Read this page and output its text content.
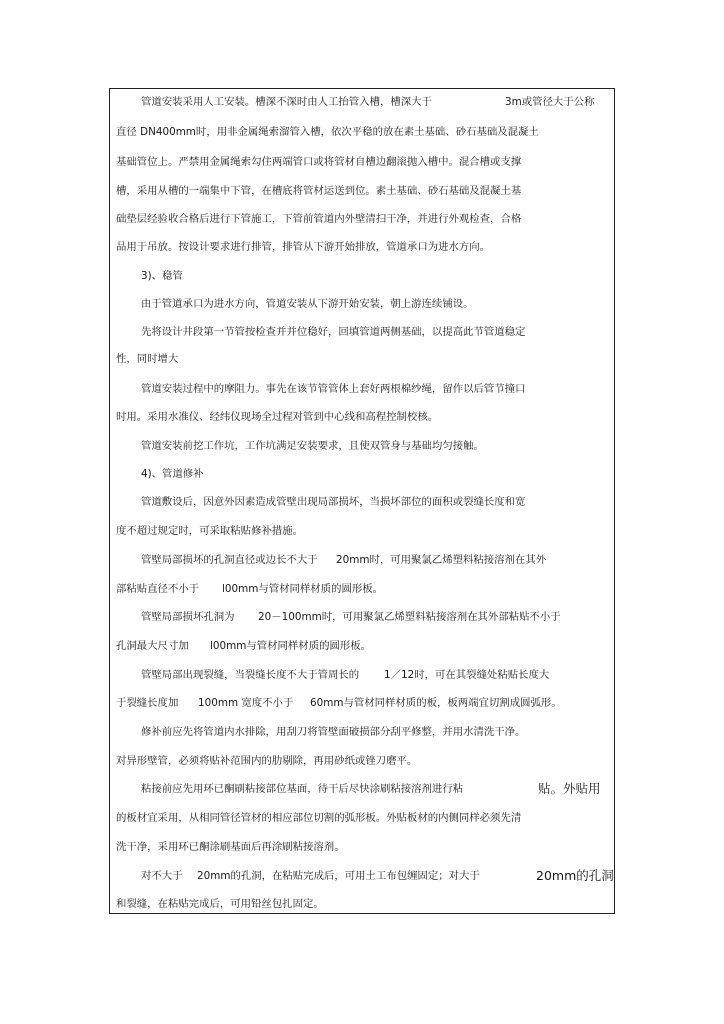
管道安装采用人工安装。槽深不深时由人工抬管入槽，槽深大于	3m或管径大于公称
直径 DN400mm时，用非金属绳索溜管入槽，依次平稳的放在素土基础、砂石基础及混凝土
基础管位上。严禁用金属绳索勾住两端管口或将管材自槽边翻滚抛入槽中。混合槽或支撑
槽，采用从槽的一端集中下管，在槽底将管材运送到位。素土基础、砂石基础及混凝土基
础垫层经验收合格后进行下管施工，下管前管道内外壁清扫干净，并进行外观检查，合格
品用于吊放。按设计要求进行排管，排管从下游开始排放，管道承口为进水方向。
3)、稳管
由于管道承口为进水方向，管道安装从下游开始安装，朝上游连续铺设。
先将设计井段第一节管按检查并并位稳好，回填管道两侧基础，以提高此节管道稳定
性，同时增大
管道安装过程中的摩阻力。事先在该节管管体上套好两根棉纱绳，留作以后管节撞口
时用。采用水准仪、经纬仪现场全过程对管到中心线和高程控制校核。
管道安装前挖工作坑，工作坑满足安装要求，且使双管身与基础均匀接触。
4)、管道修补
管道敷设后，因意外因素造成管壁出现局部损坏，当损坏部位的面积或裂缝长度和宽
度不超过规定时，可采取粘贴修补措施。
管壁局部损坏的孔洞直径或边长不大于 20mm时，可用聚氯乙烯塑料粘接溶剂在其外
部粘贴直径不小于 l00mm与管材同样材质的圆形板。
管壁局部损坏孔洞为 20－100mm时，可用聚氯乙烯塑料粘接溶剂在其外部粘贴不小于
孔洞最大尺寸加 l00mm与管材同样材质的圆形板。
管壁局部出现裂缝，当裂缝长度不大于管周长的 1／12时，可在其裂缝处粘贴长度大
于裂缝长度加 100mm 宽度不小于 60mm与管材同样材质的板，板两端宜切割成圆弧形。
修补前应先将管道内水排除，用刮刀将管壁面破损部分刮平修整，并用水清洗干净。
对异形壁管，必须将贴补范围内的肋剔除，再用砂纸或锉刀磨平。
粘接前应先用环已酮刷粘接部位基面，待干后尽快涂刷粘接溶剂进行粘	贴。外贴用
的板材宜采用，从相同管径管材的相应部位切割的弧形板。外贴板材的内侧同样必须先清
洗干净，采用环已酮涂刷基面后再涂刷粘接溶剂。
对不大于 20mm的孔洞，在粘贴完成后，可用土工布包缠固定；对大于	20mm的孔洞
和裂缝，在粘贴完成后，可用铅丝包扎固定。
